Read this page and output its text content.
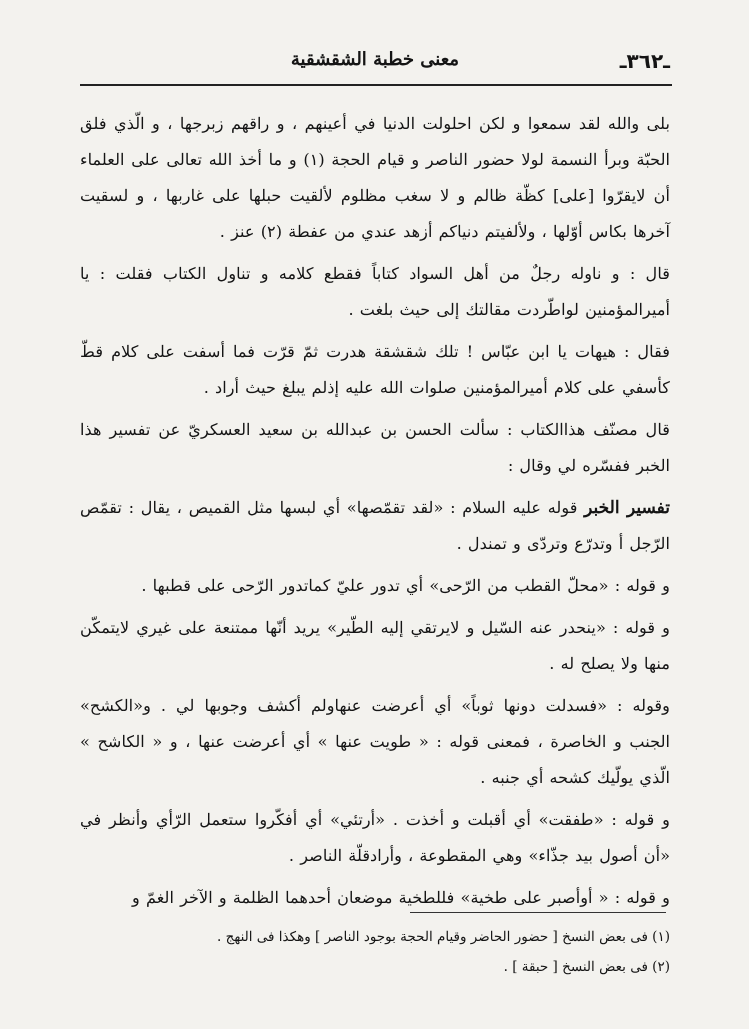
ـ٣٦٢ـ
معنى خطبة الشقشقية

بلى والله لقد سمعوا و لكن احلولت الدنيا في أعينهم ، و راقهم زبرجها ، و الّذي فلق الحبّة وبرأ النسمة لولا حضور الناصر و قيام الحجة (١) و ما أخذ الله تعالى على العلماء أن لايقرّوا [على] كظّة ظالم و لا سغب مظلوم لألقيت حبلها على غاربها ، و لسقيت آخرها بكاس أوّلها ، ولألفيتم دنياكم أزهد عندي من عفطة (٢) عنز .

قال : و ناوله رجلٌ من أهل السواد كتاباً فقطع كلامه و تناول الكتاب فقلت : يا أميرالمؤمنين لواطّردت مقالتك إلى حيث بلغت .

فقال : هيهات يا ابن عبّاس ! تلك شقشقة هدرت ثمّ قرّت فما أسفت على كلام قطّ كأسفي على كلام أميرالمؤمنين صلوات الله عليه إذلم يبلغ حيث أراد .

قال مصنّف هذاالكتاب : سألت الحسن بن عبدالله بن سعيد العسكريّ عن تفسير هذا الخبر ففسّره لي وقال :

تفسير الخبر قوله عليه السلام : «لقد تقمّصها» أي لبسها مثل القميص ، يقال : تقمّص الرّجل أ وتدرّع وتردّى و تمندل .

و قوله : «محلّ القطب من الرّحى» أي تدور عليّ كماتدور الرّحى على قطبها .

و قوله : «ينحدر عنه السّيل و لايرتقي إليه الطّير» يريد أنّها ممتنعة على غيري لايتمكّن منها ولا يصلح له .

وقوله : «فسدلت دونها ثوباً» أي أعرضت عنهاولم أكشف وجوبها لي . و«الكشح» الجنب و الخاصرة ، فمعنى قوله : « طويت عنها » أي أعرضت عنها ، و « الكاشح » الّذي يولّيك كشحه أي جنبه .

و قوله : «طفقت» أي أقبلت و أخذت . «أرتئي» أي أفكّروا ستعمل الرّأي وأنظر في «أن أصول بيد جذّاء» وهي المقطوعة ، وأرادقلّة الناصر .

و قوله : « أوأصبر على طخية» فللطخية موضعان أحدهما الظلمة و الآخر الغمّ و

(١) فى بعض النسخ [ حضور الحاضر وقيام الحجة بوجود الناصر ] وهكذا فى النهج .

(٢) فى بعض النسخ [ حبقة ] .
